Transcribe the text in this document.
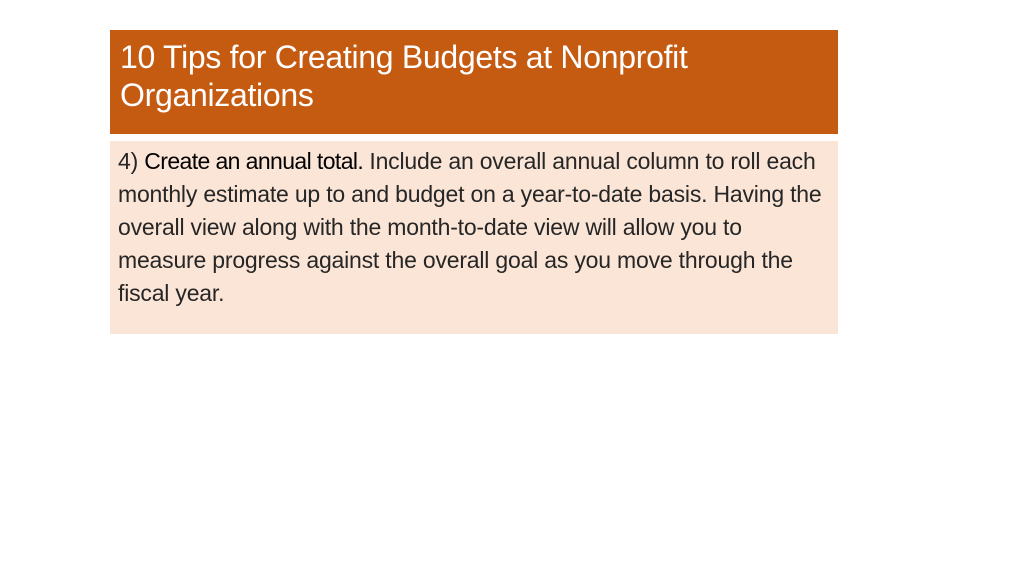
10 Tips for Creating Budgets at Nonprofit Organizations

4) Create an annual total. Include an overall annual column to roll each monthly estimate up to and budget on a year-to-date basis. Having the overall view along with the month-to-date view will allow you to measure progress against the overall goal as you move through the fiscal year.
